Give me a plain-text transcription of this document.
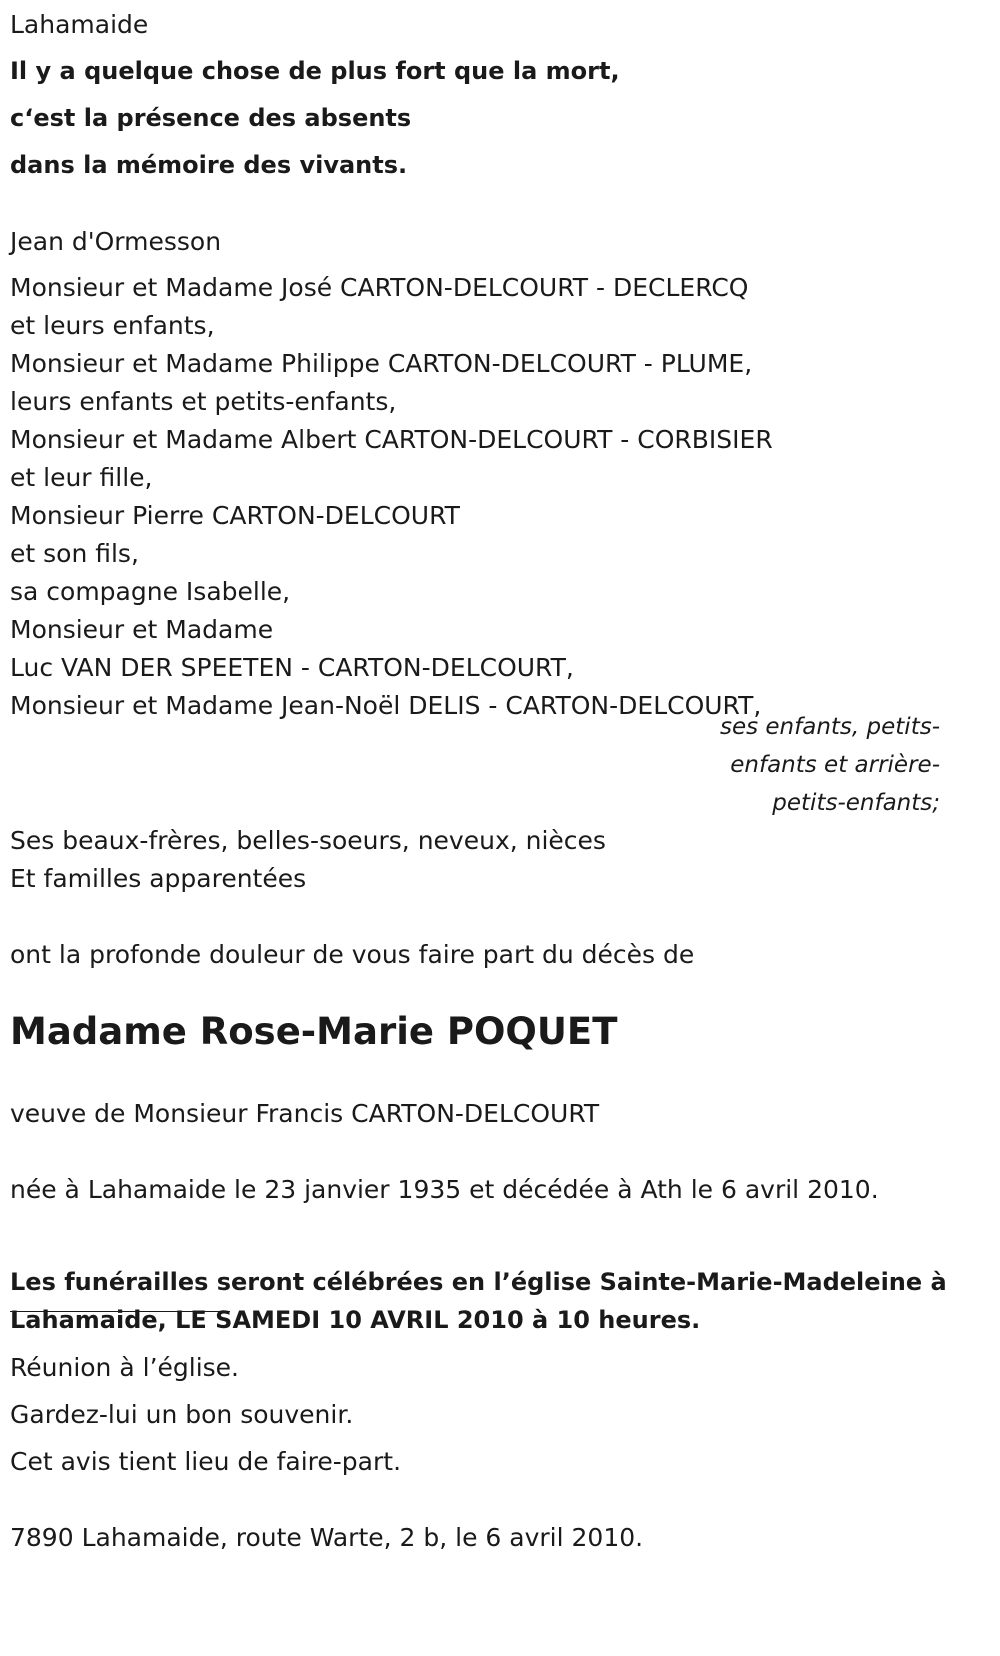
Lahamaide
Il y a quelque chose de plus fort que la mort,
c‘est la présence des absents
dans la mémoire des vivants.
Jean d'Ormesson
Monsieur et Madame José CARTON-DELCOURT - DECLERCQ
et leurs enfants,
Monsieur et Madame Philippe CARTON-DELCOURT - PLUME,
leurs enfants et petits-enfants,
Monsieur et Madame Albert CARTON-DELCOURT - CORBISIER
et leur fille,
Monsieur Pierre CARTON-DELCOURT
et son fils,
sa compagne Isabelle,
Monsieur et Madame
Luc VAN DER SPEETEN - CARTON-DELCOURT,
Monsieur et Madame Jean-Noël DELIS - CARTON-DELCOURT,
ses enfants, petits-
enfants et arrière-
petits-enfants;
Ses beaux-frères, belles-soeurs, neveux, nièces
Et familles apparentées
ont la profonde douleur de vous faire part du décès de
Madame Rose-Marie POQUET
veuve de Monsieur Francis CARTON-DELCOURT
née à Lahamaide le 23 janvier 1935 et décédée à Ath le 6 avril 2010.
Les funérailles seront célébrées en l’église Sainte-Marie-Madeleine à
Lahamaide, LE SAMEDI 10 AVRIL 2010 à 10 heures.
Réunion à l’église.
Gardez-lui un bon souvenir.
Cet avis tient lieu de faire-part.
7890 Lahamaide, route Warte, 2 b, le 6 avril 2010.
